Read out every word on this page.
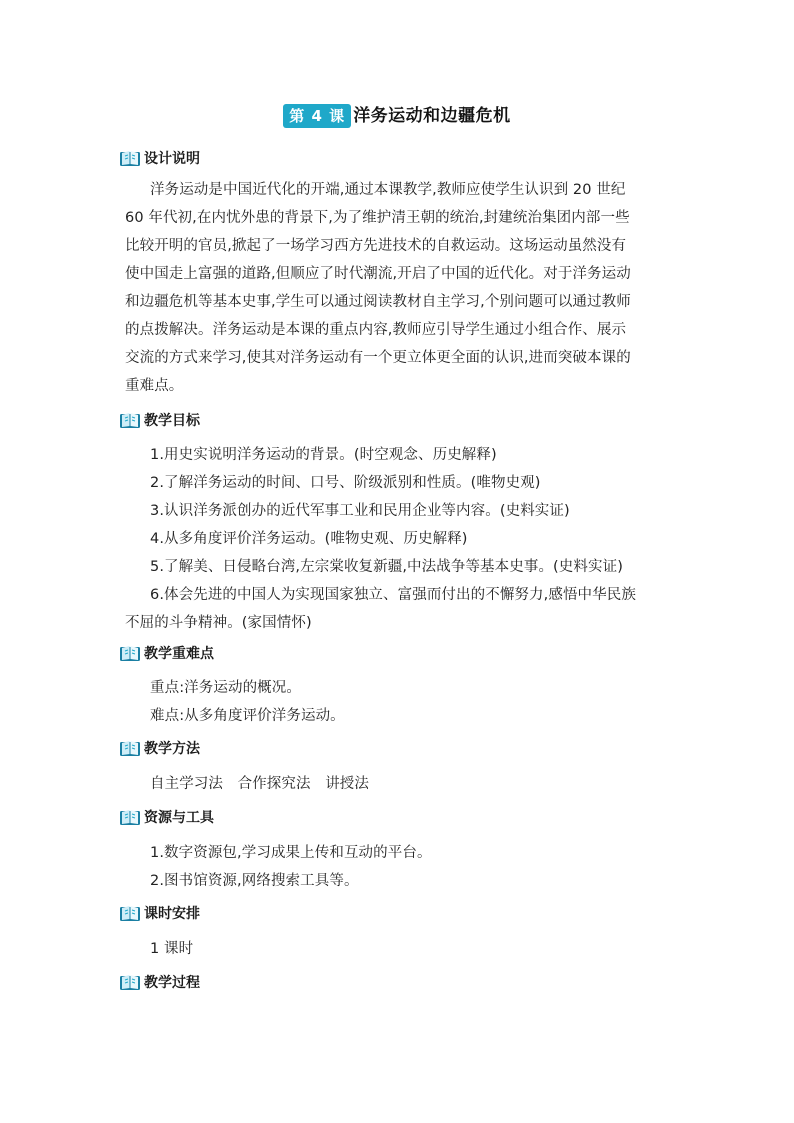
第 4 课 洋务运动和边疆危机
设计说明
洋务运动是中国近代化的开端,通过本课教学,教师应使学生认识到 20 世纪
60 年代初,在内忧外患的背景下,为了维护清王朝的统治,封建统治集团内部一些
比较开明的官员,掀起了一场学习西方先进技术的自救运动。这场运动虽然没有
使中国走上富强的道路,但顺应了时代潮流,开启了中国的近代化。对于洋务运动
和边疆危机等基本史事,学生可以通过阅读教材自主学习,个别问题可以通过教师
的点拨解决。洋务运动是本课的重点内容,教师应引导学生通过小组合作、展示
交流的方式来学习,使其对洋务运动有一个更立体更全面的认识,进而突破本课的
重难点。
教学目标
1.用史实说明洋务运动的背景。(时空观念、历史解释)
2.了解洋务运动的时间、口号、阶级派别和性质。(唯物史观)
3.认识洋务派创办的近代军事工业和民用企业等内容。(史料实证)
4.从多角度评价洋务运动。(唯物史观、历史解释)
5.了解美、日侵略台湾,左宗棠收复新疆,中法战争等基本史事。(史料实证)
6.体会先进的中国人为实现国家独立、富强而付出的不懈努力,感悟中华民族
不屈的斗争精神。(家国情怀)
教学重难点
重点:洋务运动的概况。
难点:从多角度评价洋务运动。
教学方法
自主学习法　合作探究法　讲授法
资源与工具
1.数字资源包,学习成果上传和互动的平台。
2.图书馆资源,网络搜索工具等。
课时安排
1 课时
教学过程
